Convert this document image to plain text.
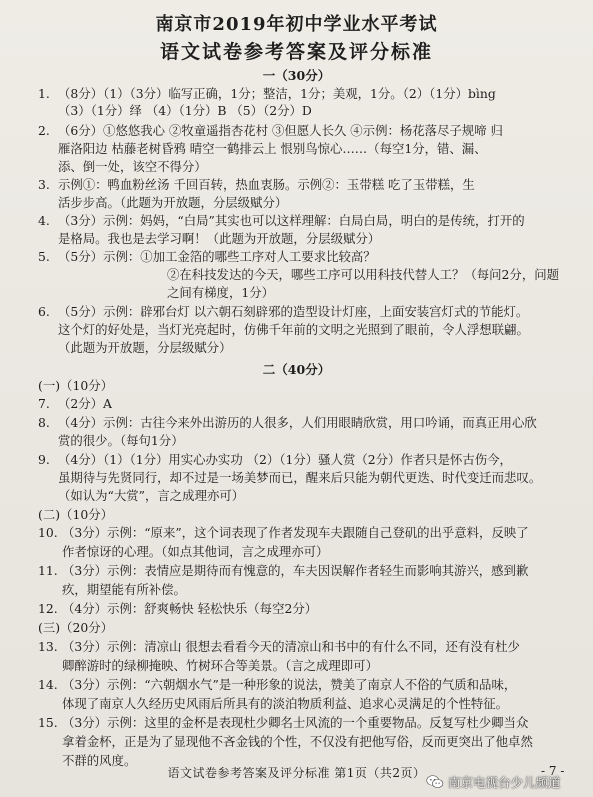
南京市2019年初中学业水平考试
语文试卷参考答案及评分标准
一（30分）
1. （8分）（1）（3分）临写正确，1分；整洁，1分；美观，1分。（2）（1分）bìng
（3）（1分）绎 （4）（1分）B （5）（2分）D
2. （6分）①悠悠我心 ②牧童遥指杏花村 ③但愿人长久 ④示例：杨花落尽子规啼 归
雁洛阳边 枯藤老树昏鸦 晴空一鹤排云上 恨别鸟惊心……（每空1分，错、漏、
添、倒一处，该空不得分）
3. 示例①：鸭血粉丝汤 千回百转，热血衷肠。示例②：玉带糕 吃了玉带糕，生
活步步高。（此题为开放题，分层级赋分）
4. （3分）示例：妈妈，“白局”其实也可以这样理解：白局白局，明白的是传统，打开的
是格局。我也是去学习啊！（此题为开放题，分层级赋分）
5. （5分）示例：①加工金箔的哪些工序对人工要求比较高？
②在科技发达的今天，哪些工序可以用科技代替人工？（每问2分，问题
之间有梯度，1分）
6. （5分）示例：辟邪台灯 以六朝石刻辟邪的造型设计灯座，上面安装宫灯式的节能灯。
这个灯的好处是，当灯光亮起时，仿佛千年前的文明之光照到了眼前，令人浮想联翩。
（此题为开放题，分层级赋分）
二（40分）
(一)（10分）
7. （2分）A
8. （4分）示例：古往今来外出游历的人很多，人们用眼睛欣赏，用口吟诵，而真正用心欣
赏的很少。（每句1分）
9. （4分）（1）（1分）用实心办实功 （2）（1分）骚人赏（2分）作者只是怀古伤今，
虽期待与先贤同行，却不过是一场美梦而已，醒来后只能为朝代更迭、时代变迁而悲叹。
（如认为“大赏”，言之成理亦可）
(二)（10分）
10. （3分）示例：“原来”，这个词表现了作者发现车夫跟随自己登矶的出乎意料，反映了
作者惊讶的心理。（如点其他词，言之成理亦可）
11. （3分）示例：表情应是期待而有愧意的，车夫因误解作者轻生而影响其游兴，感到歉
疚，期望能有所补偿。
12. （4分）示例：舒爽畅快 轻松快乐（每空2分）
(三)（20分）
13. （3分）示例：清凉山 很想去看看今天的清凉山和书中的有什么不同，还有没有杜少
卿醉游时的绿柳掩映、竹树环合等美景。（言之成理即可）
14. （3分）示例：“六朝烟水气”是一种形象的说法，赞美了南京人不俗的气质和品味，
体现了南京人久经历史风雨后所具有的淡泊物质利益、追求心灵满足的个性特征。
15. （3分）示例：这里的金杯是表现杜少卿名士风流的一个重要物品。反复写杜少卿当众
拿着金杯，正是为了显现他不吝金钱的个性，不仅没有把他写俗，反而更突出了他卓然
不群的风度。
语文试卷参考答案及评分标准 第1页（共2页）	- 7 -
南京电视台少儿频道
